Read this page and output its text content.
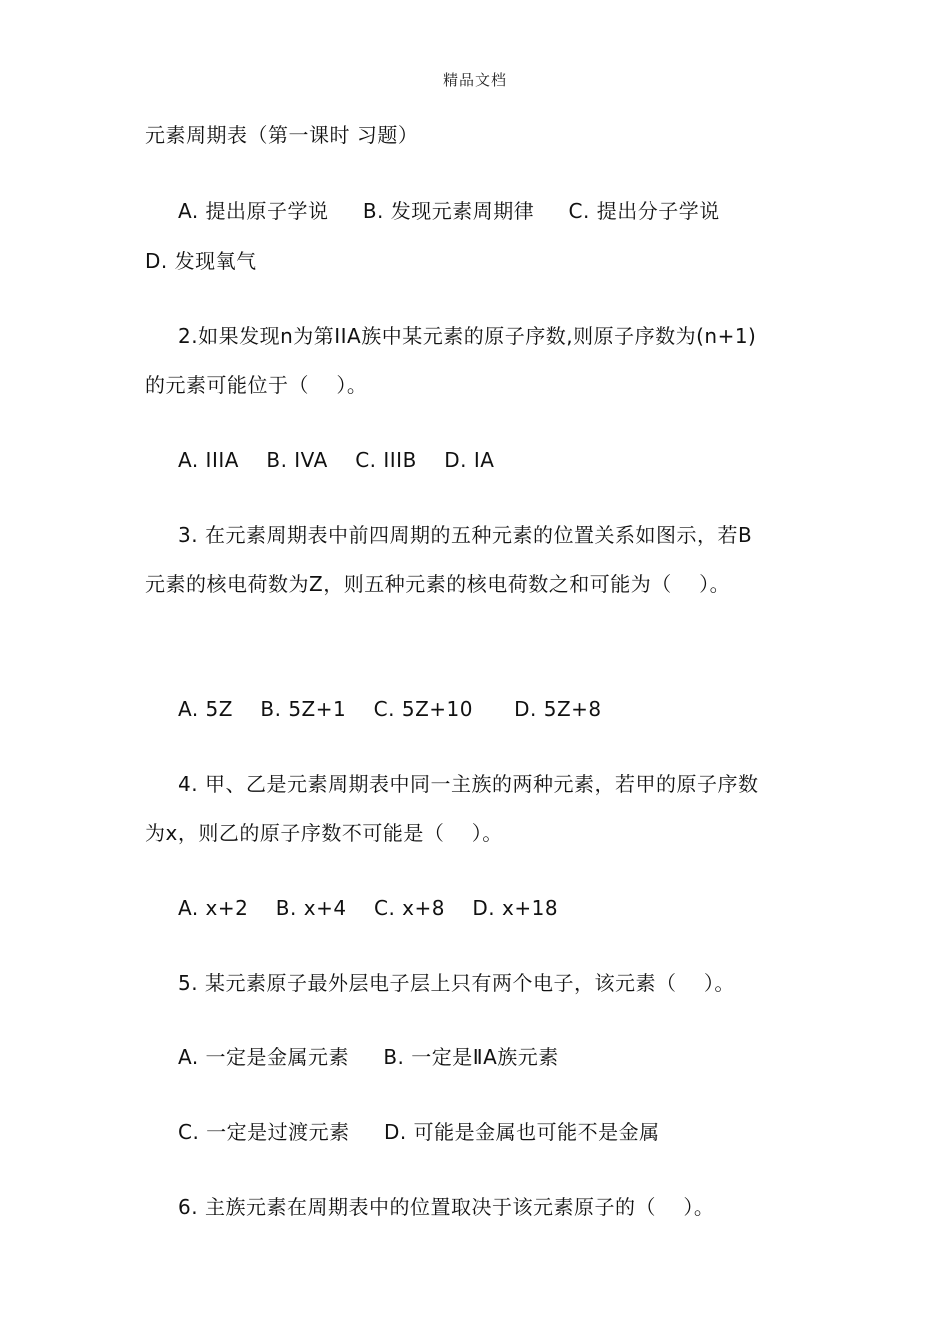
精品文档
元素周期表（第一课时 习题）
A. 提出原子学说     B. 发现元素周期律     C. 提出分子学说
D. 发现氧气
2.如果发现n为第IIA族中某元素的原子序数,则原子序数为(n+1)
的元素可能位于（    ）。
A. IIIA    B. IVA    C. IIIB    D. IA
3. 在元素周期表中前四周期的五种元素的位置关系如图示，若B
元素的核电荷数为Z，则五种元素的核电荷数之和可能为（    ）。
A. 5Z    B. 5Z+1    C. 5Z+10      D. 5Z+8
4. 甲、乙是元素周期表中同一主族的两种元素，若甲的原子序数
为x，则乙的原子序数不可能是（    ）。
A. x+2    B. x+4    C. x+8    D. x+18
5. 某元素原子最外层电子层上只有两个电子，该元素（    ）。
A. 一定是金属元素     B. 一定是ⅡA族元素
C. 一定是过渡元素     D. 可能是金属也可能不是金属
6. 主族元素在周期表中的位置取决于该元素原子的（    ）。
